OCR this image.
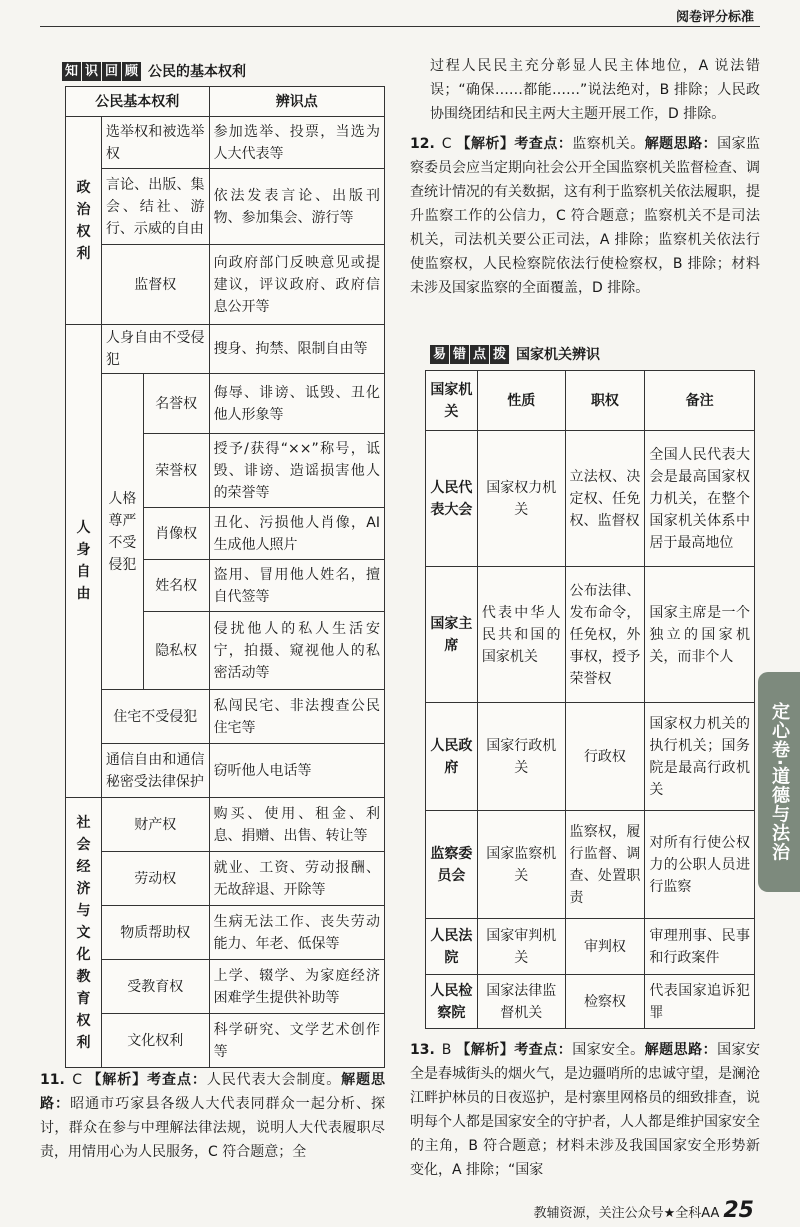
阅卷评分标准
知 识 回 顾 公民的基本权利
公民基本权利			辨识点
政治权利	选举权和被选举权		参加选举、投票，当选为人大代表等
	言论、出版、集会、结社、游行、示威的自由		依法发表言论、出版刊物、参加集会、游行等
	监督权		向政府部门反映意见或提建议，评议政府、政府信息公开等
人身自由	人身自由不受侵犯		搜身、拘禁、限制自由等
	人格尊严不受侵犯	名誉权	侮辱、诽谤、诋毁、丑化他人形象等
		荣誉权	授予/获得“××”称号，诋毁、诽谤、造谣损害他人的荣誉等
		肖像权	丑化、污损他人肖像，AI生成他人照片
		姓名权	盗用、冒用他人姓名，擅自代签等
		隐私权	侵扰他人的私人生活安宁，拍摄、窥视他人的私密活动等
	住宅不受侵犯		私闯民宅、非法搜查公民住宅等
	通信自由和通信秘密受法律保护		窃听他人电话等
社会经济与文化教育权利	财产权		购买、使用、租金、利息、捐赠、出售、转让等
	劳动权		就业、工资、劳动报酬、无故辞退、开除等
	物质帮助权		生病无法工作、丧失劳动能力、年老、低保等
	受教育权		上学、辍学、为家庭经济困难学生提供补助等
	文化权利		科学研究、文学艺术创作等
11. C 【解析】考查点：人民代表大会制度。解题思路：昭通市巧家县各级人大代表同群众一起分析、探讨，群众在参与中理解法律法规，说明人大代表履职尽责，用情用心为人民服务，C 符合题意；全
过程人民民主充分彰显人民主体地位，A 说法错误；“确保……都能……”说法绝对，B 排除；人民政协围绕团结和民主两大主题开展工作，D 排除。
12. C 【解析】考查点：监察机关。解题思路：国家监察委员会应当定期向社会公开全国监察机关监督检查、调查统计情况的有关数据，这有利于监察机关依法履职，提升监察工作的公信力，C 符合题意；监察机关不是司法机关，司法机关要公正司法，A 排除；监察机关依法行使监察权，人民检察院依法行使检察权，B 排除；材料未涉及国家监察的全面覆盖，D 排除。
易 错 点 拨 国家机关辨识
国家机关	性质	职权	备注
人民代表大会	国家权力机关	立法权、决定权、任免权、监督权	全国人民代表大会是最高国家权力机关，在整个国家机关体系中居于最高地位
国家主席	代表中华人民共和国的国家机关	公布法律、发布命令，任免权，外事权，授予荣誉权	国家主席是一个独立的国家机关，而非个人
人民政府	国家行政机关	行政权	国家权力机关的执行机关；国务院是最高行政机关
监察委员会	国家监察机关	监察权，履行监督、调查、处置职责	对所有行使公权力的公职人员进行监察
人民法院	国家审判机关	审判权	审理刑事、民事和行政案件
人民检察院	国家法律监督机关	检察权	代表国家追诉犯罪
13. B 【解析】考查点：国家安全。解题思路：国家安全是春城街头的烟火气，是边疆哨所的忠诚守望，是澜沧江畔护林员的日夜巡护，是村寨里网格员的细致排查，说明每个人都是国家安全的守护者，人人都是维护国家安全的主角，B 符合题意；材料未涉及我国国家安全形势新变化，A 排除；“国家
定心卷·道德与法治
教辅资源，关注公众号★全科AA 25
